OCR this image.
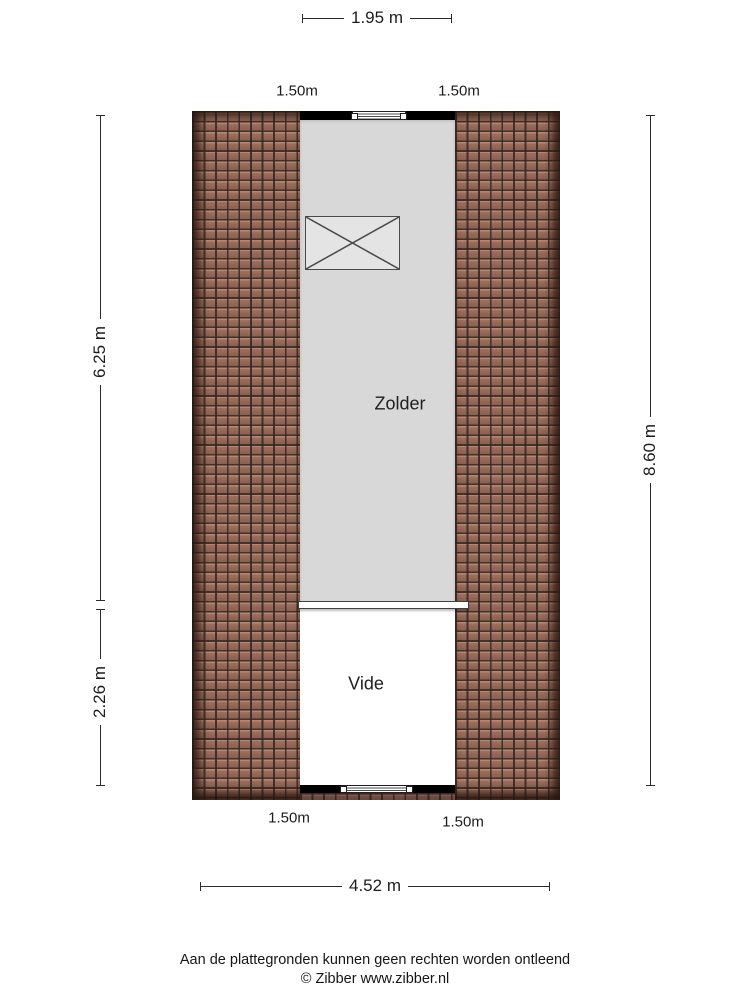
Zolder
Vide
1.95 m
1.50m	1.50m
6.25 m
2.26 m
8.60 m
1.50m	1.50m
4.52 m
Aan de plattegronden kunnen geen rechten worden ontleend
© Zibber www.zibber.nl
